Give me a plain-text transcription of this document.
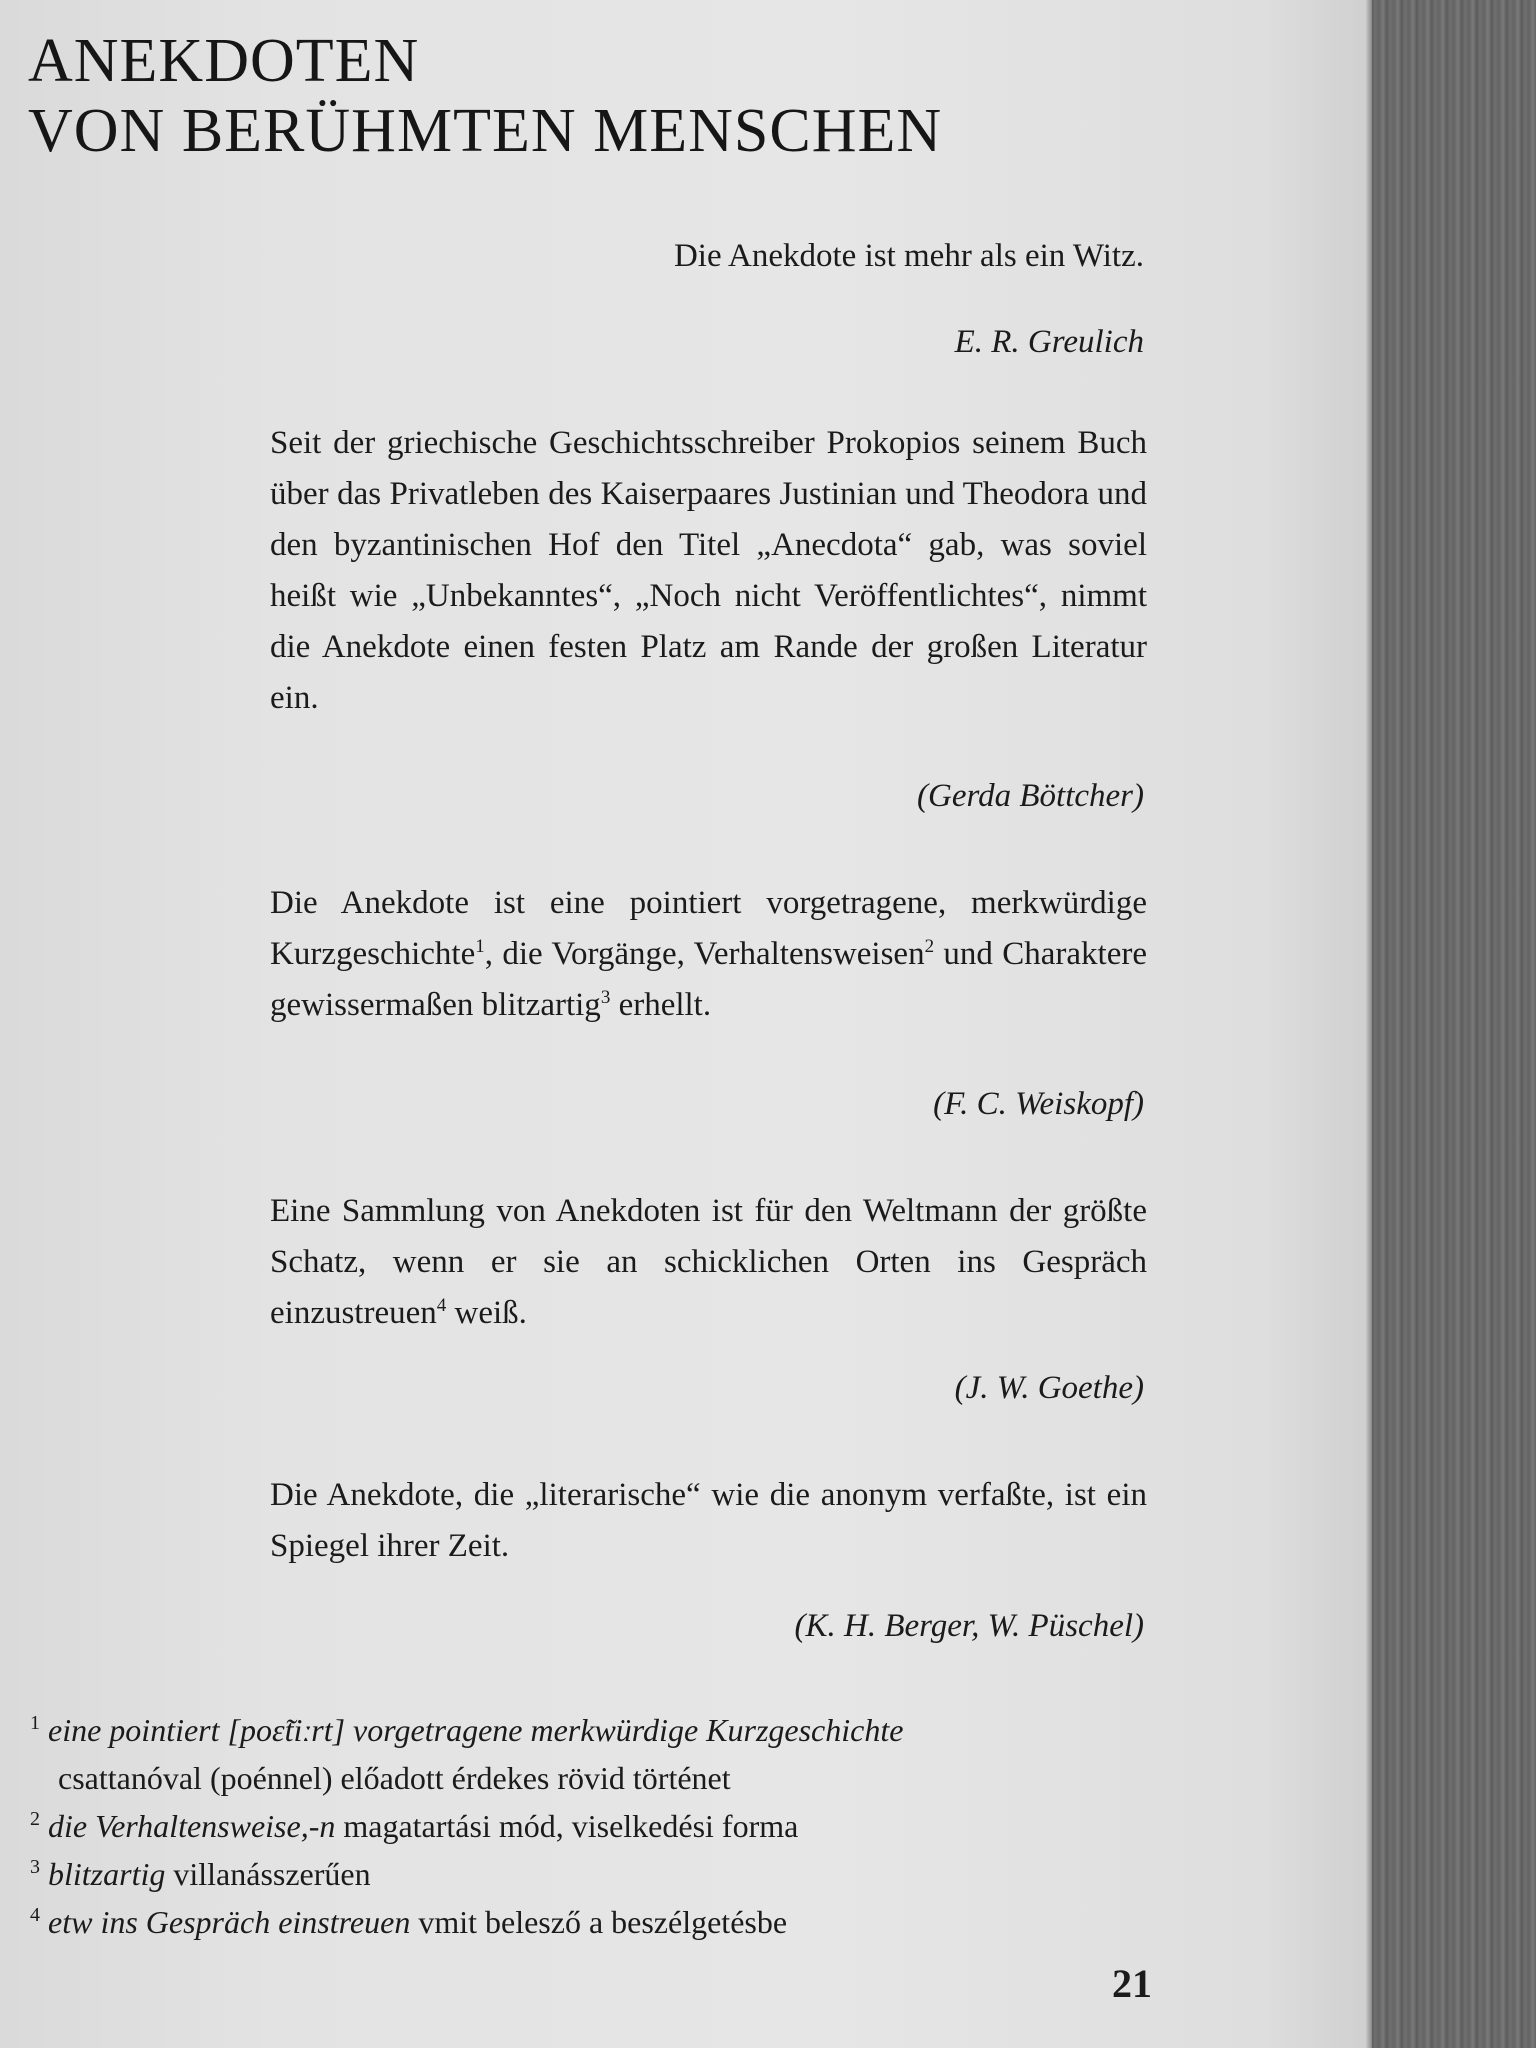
ANEKDOTEN
VON BERÜHMTEN MENSCHEN
Die Anekdote ist mehr als ein Witz.
E. R. Greulich

Seit der griechische Geschichtsschreiber Prokopios seinem Buch über das Privatleben des Kaiserpaares Justinian und Theodora und den byzantinischen Hof den Titel „Anecdota“ gab, was soviel heißt wie „Unbekanntes“, „Noch nicht Veröffentlichtes“, nimmt die Anekdote einen festen Platz am Rande der großen Literatur ein.

(Gerda Böttcher)

Die Anekdote ist eine pointiert vorgetragene, merkwürdige Kurzgeschichte$^1$, die Vorgänge, Verhaltensweisen$^2$ und Charaktere gewissermaßen blitzartig$^3$ erhellt.

(F. C. Weiskopf)

Eine Sammlung von Anekdoten ist für den Weltmann der größte Schatz, wenn er sie an schicklichen Orten ins Gespräch einzustreuen$^4$ weiß.

(J. W. Goethe)

Die Anekdote, die „literarische“ wie die anonym verfaßte, ist ein Spiegel ihrer Zeit.

(K. H. Berger, W. Püschel)
$^1$ eine pointiert [poɛ̃tiːrt] vorgetragene merkwürdige Kurzgeschichte
csattanóval (poénnel) előadott érdekes rövid történet
$^2$ die Verhaltensweise,-n magatartási mód, viselkedési forma
$^3$ blitzartig villanásszerűen
$^4$ etw ins Gespräch einstreuen vmit belesző a beszélgetésbe
21
